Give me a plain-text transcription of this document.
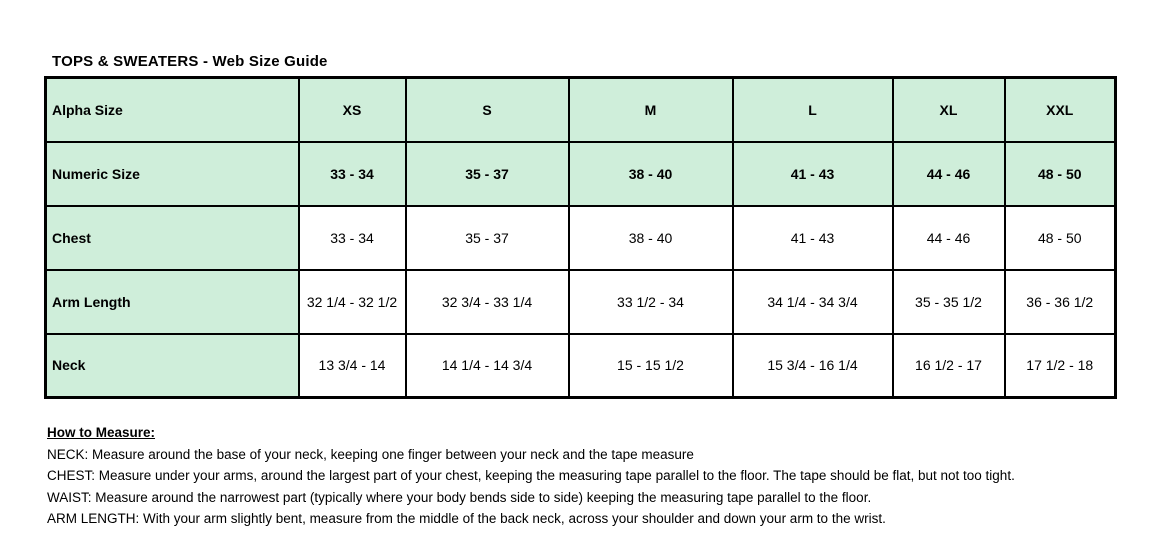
TOPS & SWEATERS - Web Size Guide
Alpha Size	XS	S	M	L	XL	XXL
Numeric Size	33 - 34	35 - 37	38 - 40	41 - 43	44 - 46	48 - 50
Chest	33 - 34	35 - 37	38 - 40	41 - 43	44 - 46	48 - 50
Arm Length	32 1/4 - 32 1/2	32 3/4 - 33 1/4	33 1/2 - 34	34 1/4 - 34 3/4	35 - 35 1/2	36 - 36 1/2
Neck	13 3/4 - 14	14 1/4 - 14 3/4	15 - 15 1/2	15 3/4 - 16 1/4	16 1/2 - 17	17 1/2 - 18
How to Measure:
NECK: Measure around the base of your neck, keeping one finger between your neck and the tape measure
CHEST: Measure under your arms, around the largest part of your chest, keeping the measuring tape parallel to the floor. The tape should be flat, but not too tight.
WAIST: Measure around the narrowest part (typically where your body bends side to side) keeping the measuring tape parallel to the floor.
ARM LENGTH: With your arm slightly bent, measure from the middle of the back neck, across your shoulder and down your arm to the wrist.
